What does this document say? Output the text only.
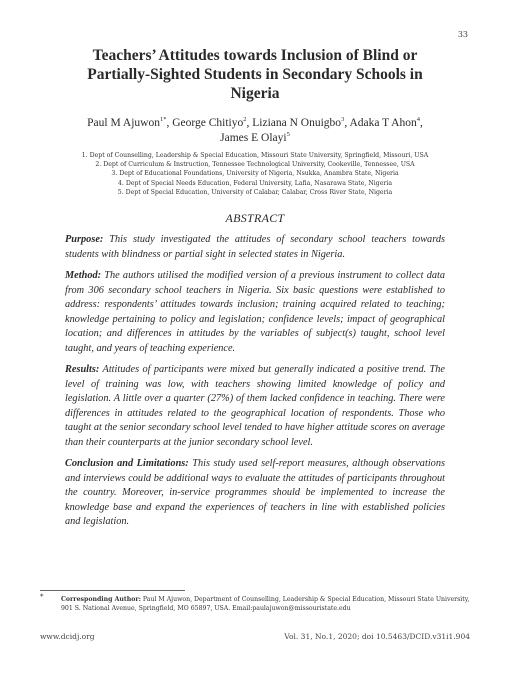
33
Teachers’ Attitudes towards Inclusion of Blind or
Partially-Sighted Students in Secondary Schools in
Nigeria
Paul M Ajuwon$^{1*}$, George Chitiyo$^2$, Liziana N Onuigbo$^3$, Adaka T Ahon$^4$,
James E Olayi$^5$
1. Dept of Counselling, Leadership & Special Education, Missouri State University, Springfield, Missouri, USA
2. Dept of Curriculum & Instruction, Tennessee Technological University, Cookeville, Tennessee, USA
3. Dept of Educational Foundations, University of Nigeria, Nsukka, Anambra State, Nigeria
4. Dept of Special Needs Education, Federal University, Lafia, Nasarawa State, Nigeria
5. Dept of Special Education, University of Calabar, Calabar, Cross River State, Nigeria
ABSTRACT

Purpose: This study investigated the attitudes of secondary school teachers towards students with blindness or partial sight in selected states in Nigeria.

Method: The authors utilised the modified version of a previous instrument to collect data from 306 secondary school teachers in Nigeria. Six basic questions were established to address: respondents’ attitudes towards inclusion; training acquired related to teaching; knowledge pertaining to policy and legislation; confidence levels; impact of geographical location; and differences in attitudes by the variables of subject(s) taught, school level taught, and years of teaching experience.

Results: Attitudes of participants were mixed but generally indicated a positive trend. The level of training was low, with teachers showing limited knowledge of policy and legislation. A little over a quarter (27%) of them lacked confidence in teaching. There were differences in attitudes related to the geographical location of respondents. Those who taught at the senior secondary school level tended to have higher attitude scores on average than their counterparts at the junior secondary school level.

Conclusion and Limitations: This study used self-report measures, although observations and interviews could be additional ways to evaluate the attitudes of participants throughout the country. Moreover, in-service programmes should be implemented to increase the knowledge base and expand the experiences of teachers in line with established policies and legislation.

*	Corresponding Author: Paul M Ajuwon, Department of Counselling, Leadership & Special Education, Missouri State University, 901 S. National Avenue, Springfield, MO 65897, USA. Email:paulajuwon@missouristate.edu
www.dcidj.org	Vol. 31, No.1, 2020; doi 10.5463/DCID.v31i1.904
